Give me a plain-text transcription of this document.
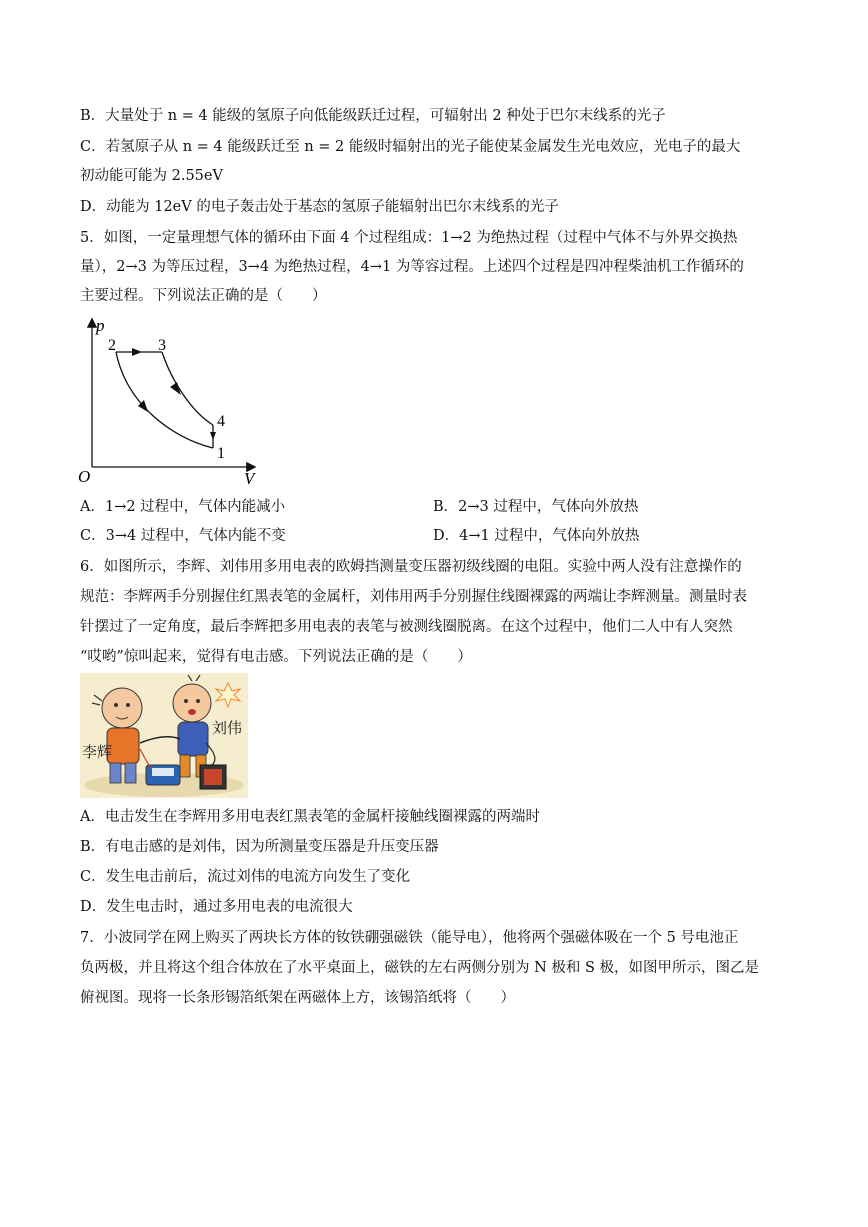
B．大量处于 n = 4 能级的氢原子向低能级跃迁过程，可辐射出 2 种处于巴尔末线系的光子
C．若氢原子从 n = 4 能级跃迁至 n = 2 能级时辐射出的光子能使某金属发生光电效应，光电子的最大
初动能可能为 2.55eV
D．动能为 12eV 的电子轰击处于基态的氢原子能辐射出巴尔末线系的光子
5．如图，一定量理想气体的循环由下面 4 个过程组成：1→2 为绝热过程（过程中气体不与外界交换热
量），2→3 为等压过程，3→4 为绝热过程，4→1 为等容过程。上述四个过程是四冲程柴油机工作循环的
主要过程。下列说法正确的是（　　）
p
V
O
2	3
4
1
A．1→2 过程中，气体内能减小	B．2→3 过程中，气体向外放热
C．3→4 过程中，气体内能不变	D．4→1 过程中，气体向外放热
6．如图所示，李辉、刘伟用多用电表的欧姆挡测量变压器初级线圈的电阻。实验中两人没有注意操作的
规范：李辉两手分别握住红黑表笔的金属杆，刘伟用两手分别握住线圈裸露的两端让李辉测量。测量时表
针摆过了一定角度，最后李辉把多用电表的表笔与被测线圈脱离。在这个过程中，他们二人中有人突然
“哎哟”惊叫起来，觉得有电击感。下列说法正确的是（　　）
李辉
刘伟
A．电击发生在李辉用多用电表红黑表笔的金属杆接触线圈裸露的两端时
B．有电击感的是刘伟，因为所测量变压器是升压变压器
C．发生电击前后，流过刘伟的电流方向发生了变化
D．发生电击时，通过多用电表的电流很大
7．小波同学在网上购买了两块长方体的钕铁硼强磁铁（能导电），他将两个强磁体吸在一个 5 号电池正
负两极，并且将这个组合体放在了水平桌面上，磁铁的左右两侧分别为 N 极和 S 极，如图甲所示，图乙是
俯视图。现将一长条形锡箔纸架在两磁体上方，该锡箔纸将（　　）
